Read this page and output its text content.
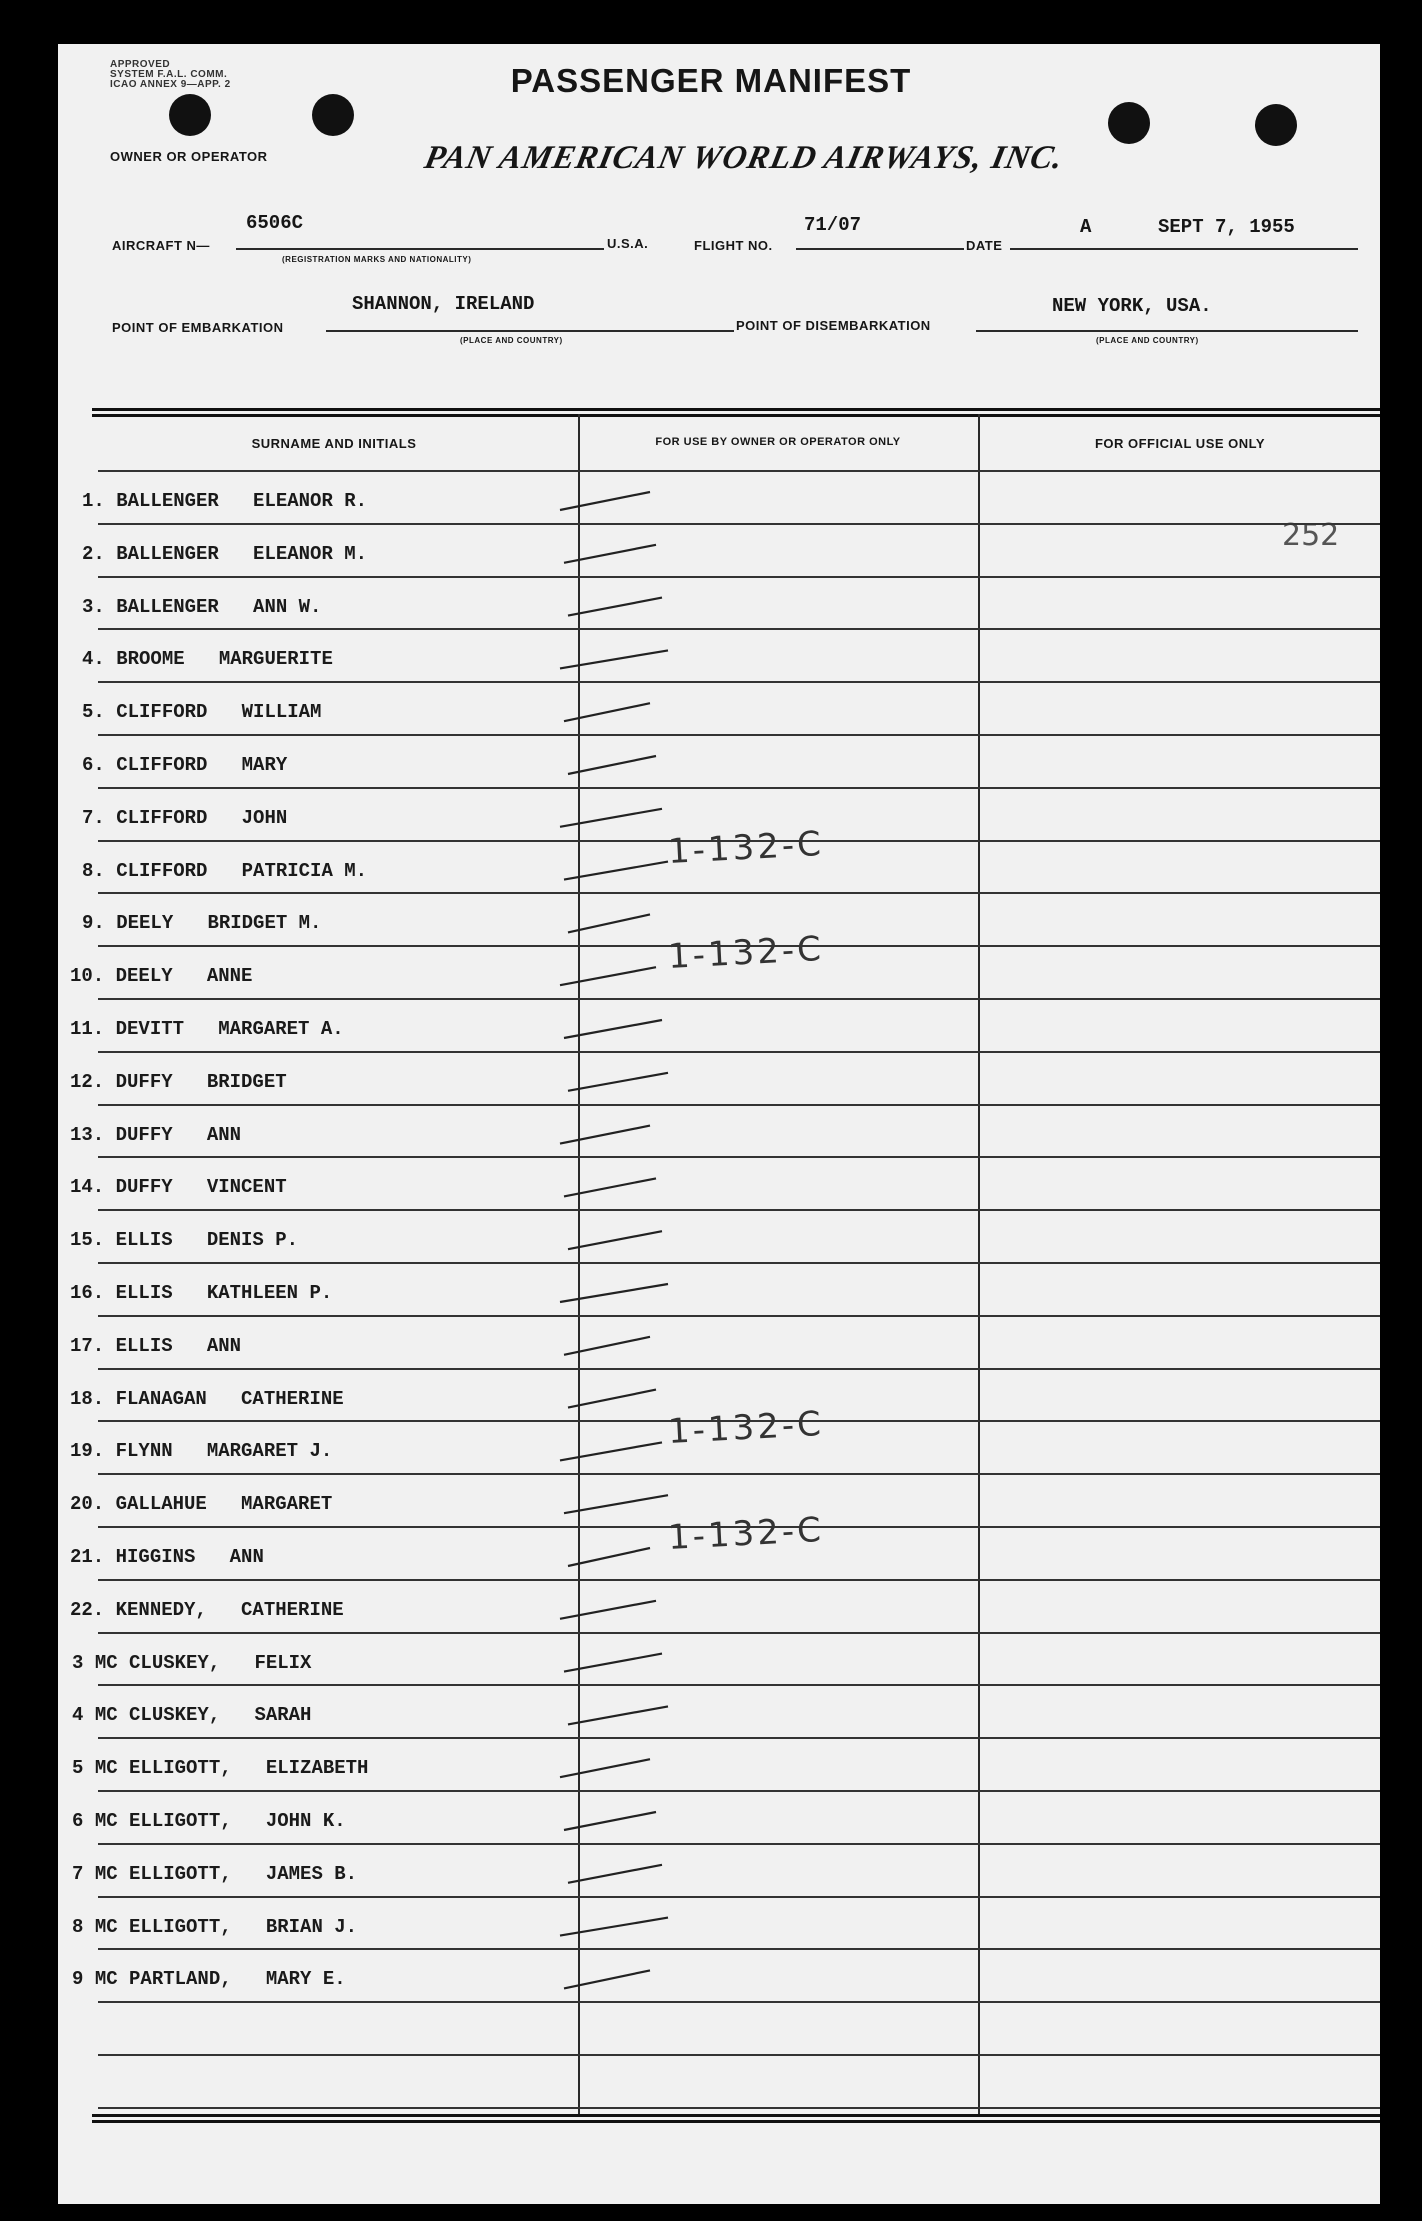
APPROVED
SYSTEM F.A.L. COMM.
ICAO ANNEX 9—APP. 2	PASSENGER MANIFEST
OWNER OR OPERATOR	PAN AMERICAN WORLD AIRWAYS, INC.
AIRCRAFT N—
6506C
(REGISTRATION MARKS AND NATIONALITY)
U.S.A.	FLIGHT NO.
71/07
DATE
A	SEPT 7, 1955
POINT OF EMBARKATION
SHANNON, IRELAND
(PLACE AND COUNTRY)
POINT OF DISEMBARKATION
NEW YORK, USA.
(PLACE AND COUNTRY)
SURNAME AND INITIALS	FOR USE BY OWNER OR OPERATOR ONLY	FOR OFFICIAL USE ONLY
252
1. BALLENGER   ELEANOR R.
2. BALLENGER   ELEANOR M.
3. BALLENGER   ANN W.
4. BROOME   MARGUERITE
5. CLIFFORD   WILLIAM
6. CLIFFORD   MARY
7. CLIFFORD   JOHN
8. CLIFFORD   PATRICIA M.	1-132-C
9. DEELY   BRIDGET M.
10. DEELY   ANNE	1-132-C
11. DEVITT   MARGARET A.
12. DUFFY   BRIDGET
13. DUFFY   ANN
14. DUFFY   VINCENT
15. ELLIS   DENIS P.
16. ELLIS   KATHLEEN P.
17. ELLIS   ANN
18. FLANAGAN   CATHERINE
19. FLYNN   MARGARET J.	1-132-C
20. GALLAHUE   MARGARET
21. HIGGINS   ANN	1-132-C
22. KENNEDY,   CATHERINE
3 MC CLUSKEY,   FELIX
4 MC CLUSKEY,   SARAH
5 MC ELLIGOTT,   ELIZABETH
6 MC ELLIGOTT,   JOHN K.
7 MC ELLIGOTT,   JAMES B.
8 MC ELLIGOTT,   BRIAN J.
9 MC PARTLAND,   MARY E.
